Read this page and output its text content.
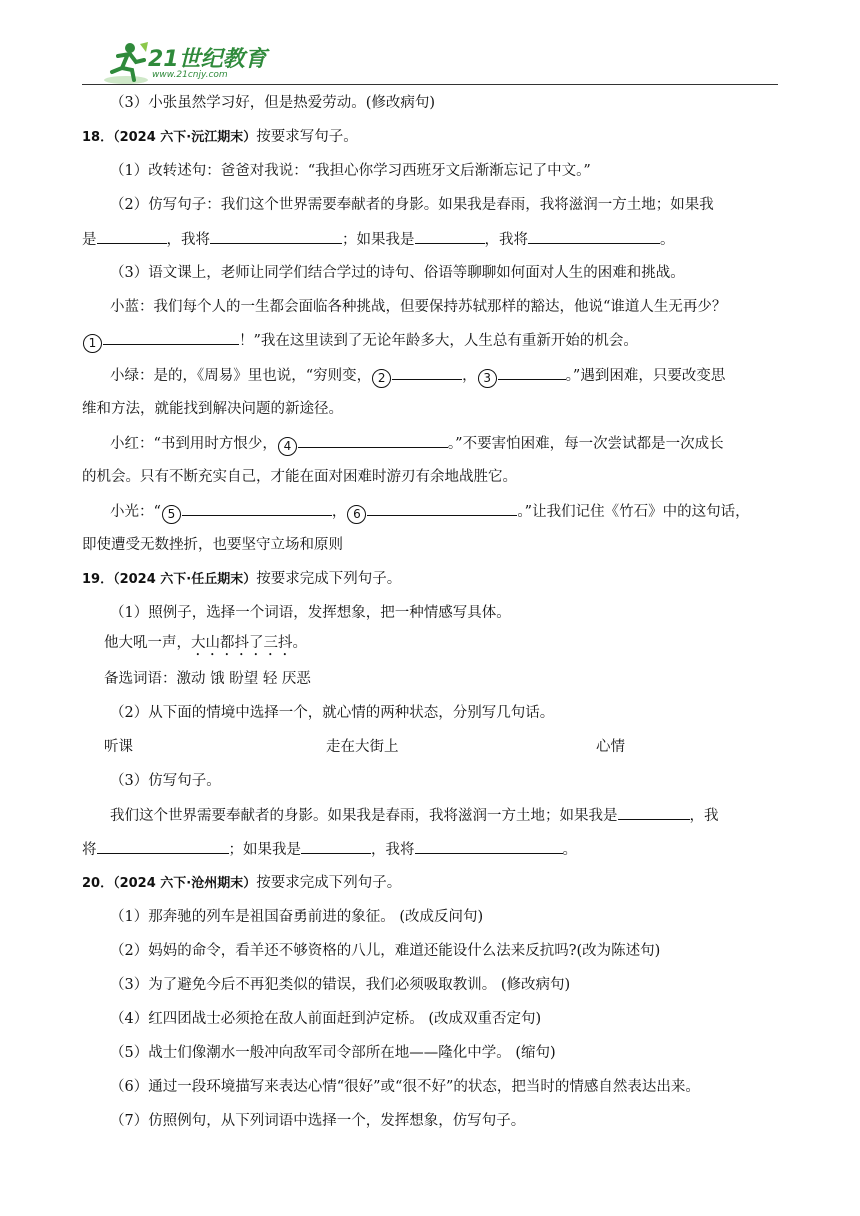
21世纪教育
www.21cnjy.com
（3）小张虽然学习好，但是热爱劳动。(修改病句)
18．（2024 六下·沅江期末）按要求写句子。
（1）改转述句：爸爸对我说：“我担心你学习西班牙文后渐渐忘记了中文。”
（2）仿写句子：我们这个世界需要奉献者的身影。如果我是春雨，我将滋润一方土地；如果我
是	，我将	；如果我是	，我将	。
（3）语文课上，老师让同学们结合学过的诗句、俗语等聊聊如何面对人生的困难和挑战。
小蓝：我们每个人的一生都会面临各种挑战，但要保持苏轼那样的豁达，他说“谁道人生无再少？
1	！”我在这里读到了无论年龄多大，人生总有重新开始的机会。
小绿：是的，《周易》里也说，“穷则变， 2	， 3	。”遇到困难，只要改变思
维和方法，就能找到解决问题的新途径。
小红：“书到用时方恨少， 4	。”不要害怕困难，每一次尝试都是一次成长
的机会。只有不断充实自己，才能在面对困难时游刃有余地战胜它。
小光：“ 5	， 6	。”让我们记住《竹石》中的这句话，
即使遭受无数挫折，也要坚守立场和原则
19．（2024 六下·任丘期末）按要求完成下列句子。
（1）照例子，选择一个词语，发挥想象，把一种情感写具体。
他大吼一声，大山都抖了三抖。
备选词语：激动 饿 盼望 轻 厌恶
（2）从下面的情境中选择一个，就心情的两种状态，分别写几句话。
听课	走在大街上	心情
（3）仿写句子。
我们这个世界需要奉献者的身影。如果我是春雨，我将滋润一方土地；如果我是	，我
将	；如果我是	，我将	。
20．（2024 六下·沧州期末）按要求完成下列句子。
（1）那奔驰的列车是祖国奋勇前进的象征。 (改成反问句)
（2）妈妈的命令，看羊还不够资格的八儿，难道还能设什么法来反抗吗?(改为陈述句)
（3）为了避免今后不再犯类似的错误，我们必须吸取教训。 (修改病句)
（4）红四团战士必须抢在敌人前面赶到泸定桥。 (改成双重否定句)
（5）战士们像潮水一般冲向敌军司令部所在地——隆化中学。 (缩句)
（6）通过一段环境描写来表达心情“很好”或“很不好”的状态，把当时的情感自然表达出来。
（7）仿照例句，从下列词语中选择一个，发挥想象，仿写句子。
